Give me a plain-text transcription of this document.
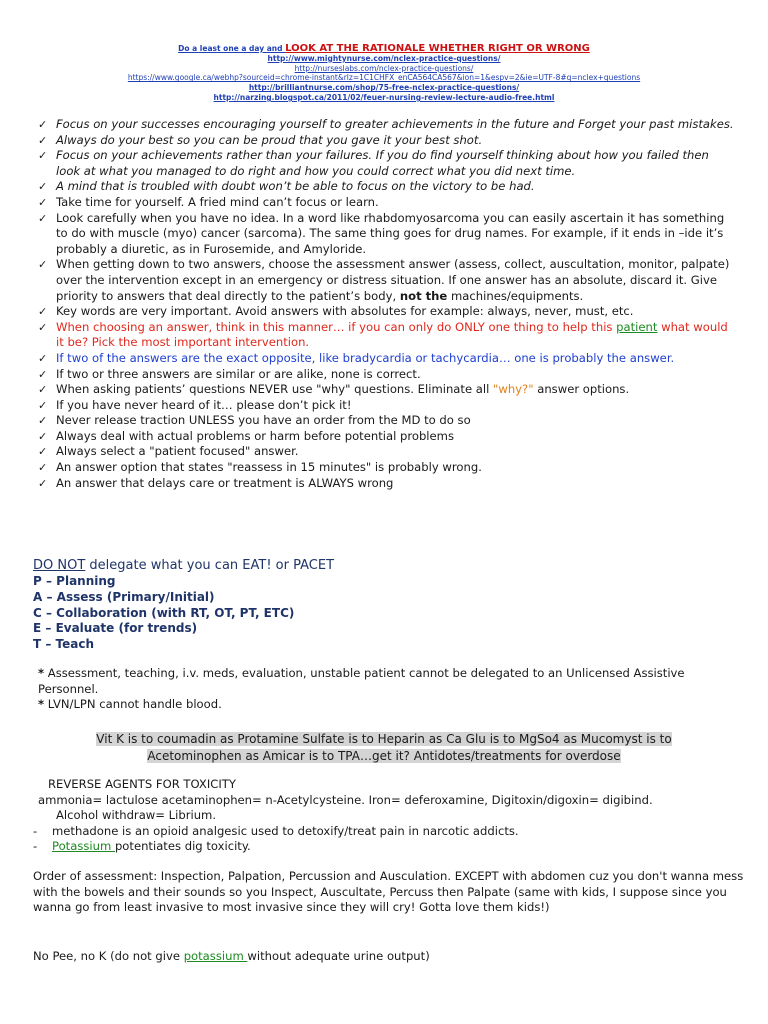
Do a least one a day and LOOK AT THE RATIONALE WHETHER RIGHT OR WRONG
http://www.mightynurse.com/nclex-practice-questions/
http://nurseslabs.com/nclex-practice-questions/
https://www.google.ca/webhp?sourceid=chrome-instant&rlz=1C1CHFX_enCA564CA567&ion=1&espv=2&ie=UTF-8#q=nclex+questions
http://brilliantnurse.com/shop/75-free-nclex-practice-questions/
http://narzing.blogspot.ca/2011/02/feuer-nursing-review-lecture-audio-free.html
✓ Focus on your successes encouraging yourself to greater achievements in the future and Forget your past mistakes.
✓ Always do your best so you can be proud that you gave it your best shot.
✓ Focus on your achievements rather than your failures. If you do find yourself thinking about how you failed then look at what you managed to do right and how you could correct what you did next time.
✓ A mind that is troubled with doubt won’t be able to focus on the victory to be had.
✓ Take time for yourself. A fried mind can’t focus or learn.
✓ Look carefully when you have no idea. In a word like rhabdomyosarcoma you can easily ascertain it has something to do with muscle (myo) cancer (sarcoma). The same thing goes for drug names. For example, if it ends in –ide it’s probably a diuretic, as in Furosemide, and Amyloride.
✓ When getting down to two answers, choose the assessment answer (assess, collect, auscultation, monitor, palpate) over the intervention except in an emergency or distress situation. If one answer has an absolute, discard it. Give priority to answers that deal directly to the patient’s body, not the machines/equipments.
✓ Key words are very important. Avoid answers with absolutes for example: always, never, must, etc.
✓ When choosing an answer, think in this manner… if you can only do ONLY one thing to help this patient what would it be? Pick the most important intervention.
✓ If two of the answers are the exact opposite, like bradycardia or tachycardia… one is probably the answer.
✓ If two or three answers are similar or are alike, none is correct.
✓ When asking patients’ questions NEVER use "why" questions. Eliminate all "why?" answer options.
✓ If you have never heard of it… please don’t pick it!
✓ Never release traction UNLESS you have an order from the MD to do so
✓ Always deal with actual problems or harm before potential problems
✓ Always select a "patient focused" answer.
✓ An answer option that states "reassess in 15 minutes" is probably wrong.
✓ An answer that delays care or treatment is ALWAYS wrong
DO NOT delegate what you can EAT! or PACET
P – Planning
A – Assess (Primary/Initial)
C – Collaboration (with RT, OT, PT, ETC)
E – Evaluate (for trends)
T – Teach
* Assessment, teaching, i.v. meds, evaluation, unstable patient cannot be delegated to an Unlicensed Assistive Personnel.
* LVN/LPN cannot handle blood.
Vit K is to coumadin as Protamine Sulfate is to Heparin as Ca Glu is to MgSo4 as Mucomyst is to
Acetominophen as Amicar is to TPA…get it? Antidotes/treatments for overdose
REVERSE AGENTS FOR TOXICITY
ammonia= lactulose acetaminophen= n-Acetylcysteine. Iron= deferoxamine, Digitoxin/digoxin= digibind.
Alcohol withdraw= Librium.
- methadone is an opioid analgesic used to detoxify/treat pain in narcotic addicts.
- Potassium potentiates dig toxicity.
Order of assessment: Inspection, Palpation, Percussion and Ausculation. EXCEPT with abdomen cuz you don't wanna mess with the bowels and their sounds so you Inspect, Auscultate, Percuss then Palpate (same with kids, I suppose since you wanna go from least invasive to most invasive since they will cry! Gotta love them kids!)
No Pee, no K (do not give potassium without adequate urine output)
